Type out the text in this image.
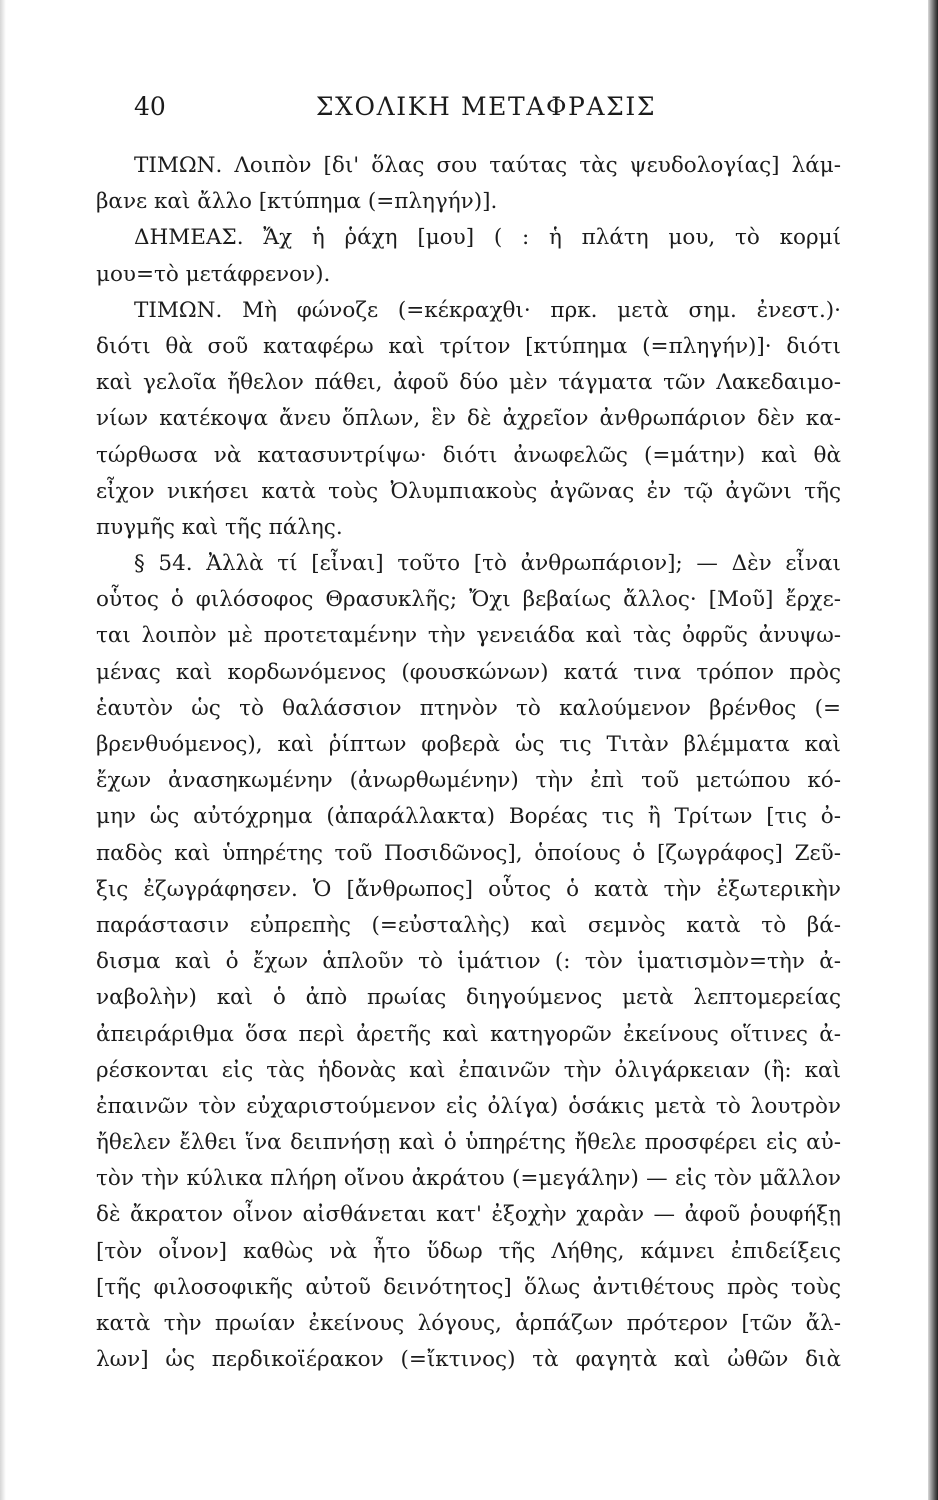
40	ΣΧΟΛΙΚΗ ΜΕΤΑΦΡΑΣΙΣ
ΤΙΜΩΝ. Λοιπὸν [δι' ὅλας σου ταύτας τὰς ψευδολογίας] λάμ-
βανε καὶ ἄλλο [κτύπημα (=πληγήν)].
ΔΗΜΕΑΣ. Ἄχ ἡ ῥάχη [μου] ( : ἡ πλάτη μου, τὸ κορμί
μου=τὸ μετάφρενον).
ΤΙΜΩΝ. Μὴ φώνοζε (=κέκραχθι· πρκ. μετὰ σημ. ἐνεστ.)·
διότι θὰ σοῦ καταφέρω καὶ τρίτον [κτύπημα (=πληγήν)]· διότι
καὶ γελοῖα ἤθελον πάθει, ἀφοῦ δύο μὲν τάγματα τῶν Λακεδαιμο-
νίων κατέκοψα ἄνευ ὅπλων, ἓν δὲ ἀχρεῖον ἀνθρωπάριον δὲν κα-
τώρθωσα νὰ κατασυντρίψω· διότι ἀνωφελῶς (=μάτην) καὶ θὰ
εἶχον νικήσει κατὰ τοὺς Ὀλυμπιακοὺς ἀγῶνας ἐν τῷ ἀγῶνι τῆς
πυγμῆς καὶ τῆς πάλης.
§ 54. Ἀλλὰ τί [εἶναι] τοῦτο [τὸ ἀνθρωπάριον]; — Δὲν εἶναι
οὗτος ὁ φιλόσοφος Θρασυκλῆς; Ὄχι βεβαίως ἄλλος· [Μοῦ] ἔρχε-
ται λοιπὸν μὲ προτεταμένην τὴν γενειάδα καὶ τὰς ὀφρῦς ἀνυψω-
μένας καὶ κορδωνόμενος (φουσκώνων) κατά τινα τρόπον πρὸς
ἑαυτὸν ὡς τὸ θαλάσσιον πτηνὸν τὸ καλούμενον βρένθος (=
βρενθυόμενος), καὶ ῥίπτων φοβερὰ ὡς τις Τιτὰν βλέμματα καὶ
ἔχων ἀνασηκωμένην (ἀνωρθωμένην) τὴν ἐπὶ τοῦ μετώπου κό-
μην ὡς αὐτόχρημα (ἀπαράλλακτα) Βορέας τις ἢ Τρίτων [τις ὀ-
παδὸς καὶ ὑπηρέτης τοῦ Ποσιδῶνος], ὁποίους ὁ [ζωγράφος] Ζεῦ-
ξις ἐζωγράφησεν. Ὁ [ἄνθρωπος] οὗτος ὁ κατὰ τὴν ἐξωτερικὴν
παράστασιν εὐπρεπὴς (=εὐσταλὴς) καὶ σεμνὸς κατὰ τὸ βά-
δισμα καὶ ὁ ἔχων ἁπλοῦν τὸ ἱμάτιον (: τὸν ἱματισμὸν=τὴν ἀ-
ναβολὴν) καὶ ὁ ἀπὸ πρωίας διηγούμενος μετὰ λεπτομερείας
ἀπειράριθμα ὅσα περὶ ἀρετῆς καὶ κατηγορῶν ἐκείνους οἵτινες ἀ-
ρέσκονται εἰς τὰς ἡδονὰς καὶ ἐπαινῶν τὴν ὀλιγάρκειαν (ἢ: καὶ
ἐπαινῶν τὸν εὐχαριστούμενον εἰς ὀλίγα) ὁσάκις μετὰ τὸ λουτρὸν
ἤθελεν ἔλθει ἵνα δειπνήσῃ καὶ ὁ ὑπηρέτης ἤθελε προσφέρει εἰς αὐ-
τὸν τὴν κύλικα πλήρη οἴνου ἀκράτου (=μεγάλην) — εἰς τὸν μᾶλλον
δὲ ἄκρατον οἶνον αἰσθάνεται κατ' ἐξοχὴν χαρὰν — ἀφοῦ ῥουφήξῃ
[τὸν οἶνον] καθὼς νὰ ἦτο ὕδωρ τῆς Λήθης, κάμνει ἐπιδείξεις
[τῆς φιλοσοφικῆς αὐτοῦ δεινότητος] ὅλως ἀντιθέτους πρὸς τοὺς
κατὰ τὴν πρωίαν ἐκείνους λόγους, ἁρπάζων πρότερον [τῶν ἄλ-
λων] ὡς περδικοϊέρακον (=ἴκτινος) τὰ φαγητὰ καὶ ὠθῶν διὰ
